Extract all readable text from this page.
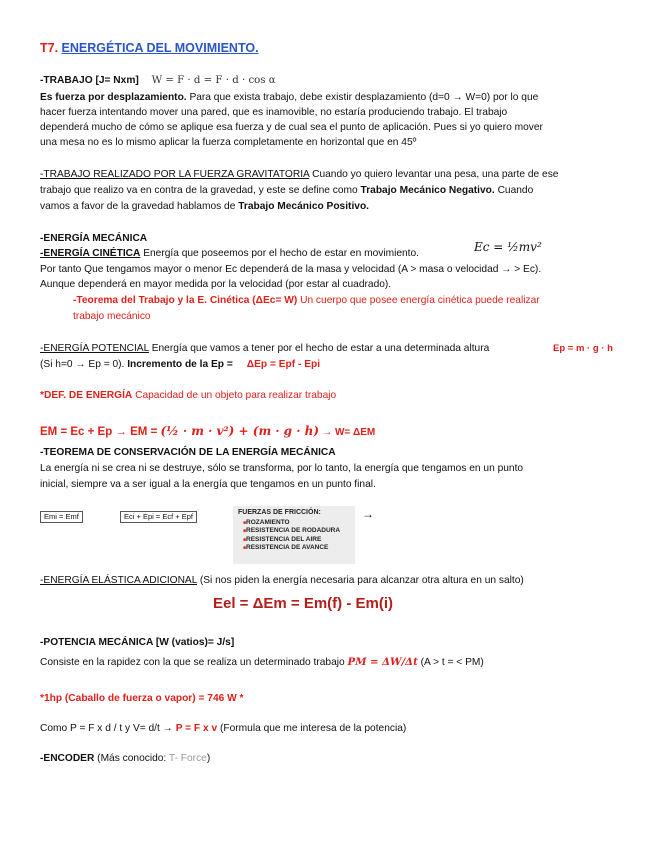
T7. ENERGÉTICA DEL MOVIMIENTO.
-TRABAJO [J= Nxm] W = F · d = F · d · cos α
Es fuerza por desplazamiento. Para que exista trabajo, debe existir desplazamiento (d=0 → W=0) por lo que
hacer fuerza intentando mover una pared, que es inamovible, no estaría produciendo trabajo. El trabajo
dependerá mucho de cómo se aplique esa fuerza y de cual sea el punto de aplicación. Pues si yo quiero mover
una mesa no es lo mismo aplicar la fuerza completamente en horizontal que en 45º
-TRABAJO REALIZADO POR LA FUERZA GRAVITATORIA Cuando yo quiero levantar una pesa, una parte de ese
trabajo que realizo va en contra de la gravedad, y este se define como Trabajo Mecánico Negativo. Cuando
vamos a favor de la gravedad hablamos de Trabajo Mecánico Positivo.
-ENERGÍA MECÁNICA
-ENERGÍA CINÉTICA Energía que poseemos por el hecho de estar en movimiento.	Ec = ½mv²
Por tanto Que tengamos mayor o menor Ec dependerá de la masa y velocidad (A > masa o velocidad → > Ec).
Aunque dependerá en mayor medida por la velocidad (por estar al cuadrado).
-Teorema del Trabajo y la E. Cinética (ΔEc= W) Un cuerpo que posee energía cinética puede realizar
trabajo mecánico
-ENERGÍA POTENCIAL Energía que vamos a tener por el hecho de estar a una determinada altura	Ep = m · g · h
(Si h=0 → Ep = 0). Incremento de la Ep = ΔEp = Epf - Epi
*DEF. DE ENERGÍA Capacidad de un objeto para realizar trabajo
EM = Ec + Ep → EM = (½ · m · v²) + (m · g · h) → W= ΔEM
-TEOREMA DE CONSERVACIÓN DE LA ENERGÍA MECÁNICA
La energía ni se crea ni se destruye, sólo se transforma, por lo tanto, la energía que tengamos en un punto
inicial, siempre va a ser igual a la energía que tengamos en un punto final.
Emi = Emf	Eci + Epi = Ecf + Epf	FUERZAS DE FRICCIÓN:
■ ROZAMIENTO
■ RESISTENCIA DE RODADURA
■ RESISTENCIA DEL AIRE
■ RESISTENCIA DE AVANCE
→
-ENERGÍA ELÁSTICA ADICIONAL (Si nos piden la energía necesaria para alcanzar otra altura en un salto)
Eel = ΔEm = Em(f) - Em(i)
-POTENCIA MECÁNICA [W (vatios)= J/s]
Consiste en la rapidez con la que se realiza un determinado trabajo PM = ΔW/Δt (A > t = < PM)
*1hp (Caballo de fuerza o vapor) = 746 W *
Como P = F x d / t y V= d/t → P = F x v (Formula que me interesa de la potencia)
-ENCODER (Más conocido: T- Force)
